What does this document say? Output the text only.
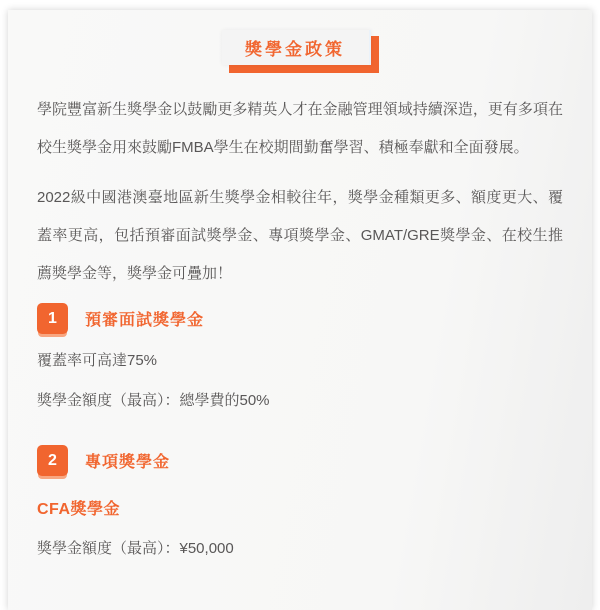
獎學金政策

學院豐富新生獎學金以鼓勵更多精英人才在金融管理領域持續深造，更有多項在校生獎學金用來鼓勵FMBA學生在校期間勤奮學習、積極奉獻和全面發展。

2022級中國港澳臺地區新生獎學金相較往年，獎學金種類更多、額度更大、覆蓋率更高，包括預審面試獎學金、專項獎學金、GMAT/GRE獎學金、在校生推薦獎學金等，獎學金可疊加！

1	預審面試獎學金

覆蓋率可高達75%

獎學金額度（最高）：總學費的50%

2	專項獎學金
CFA獎學金

獎學金額度（最高）：¥50,000
